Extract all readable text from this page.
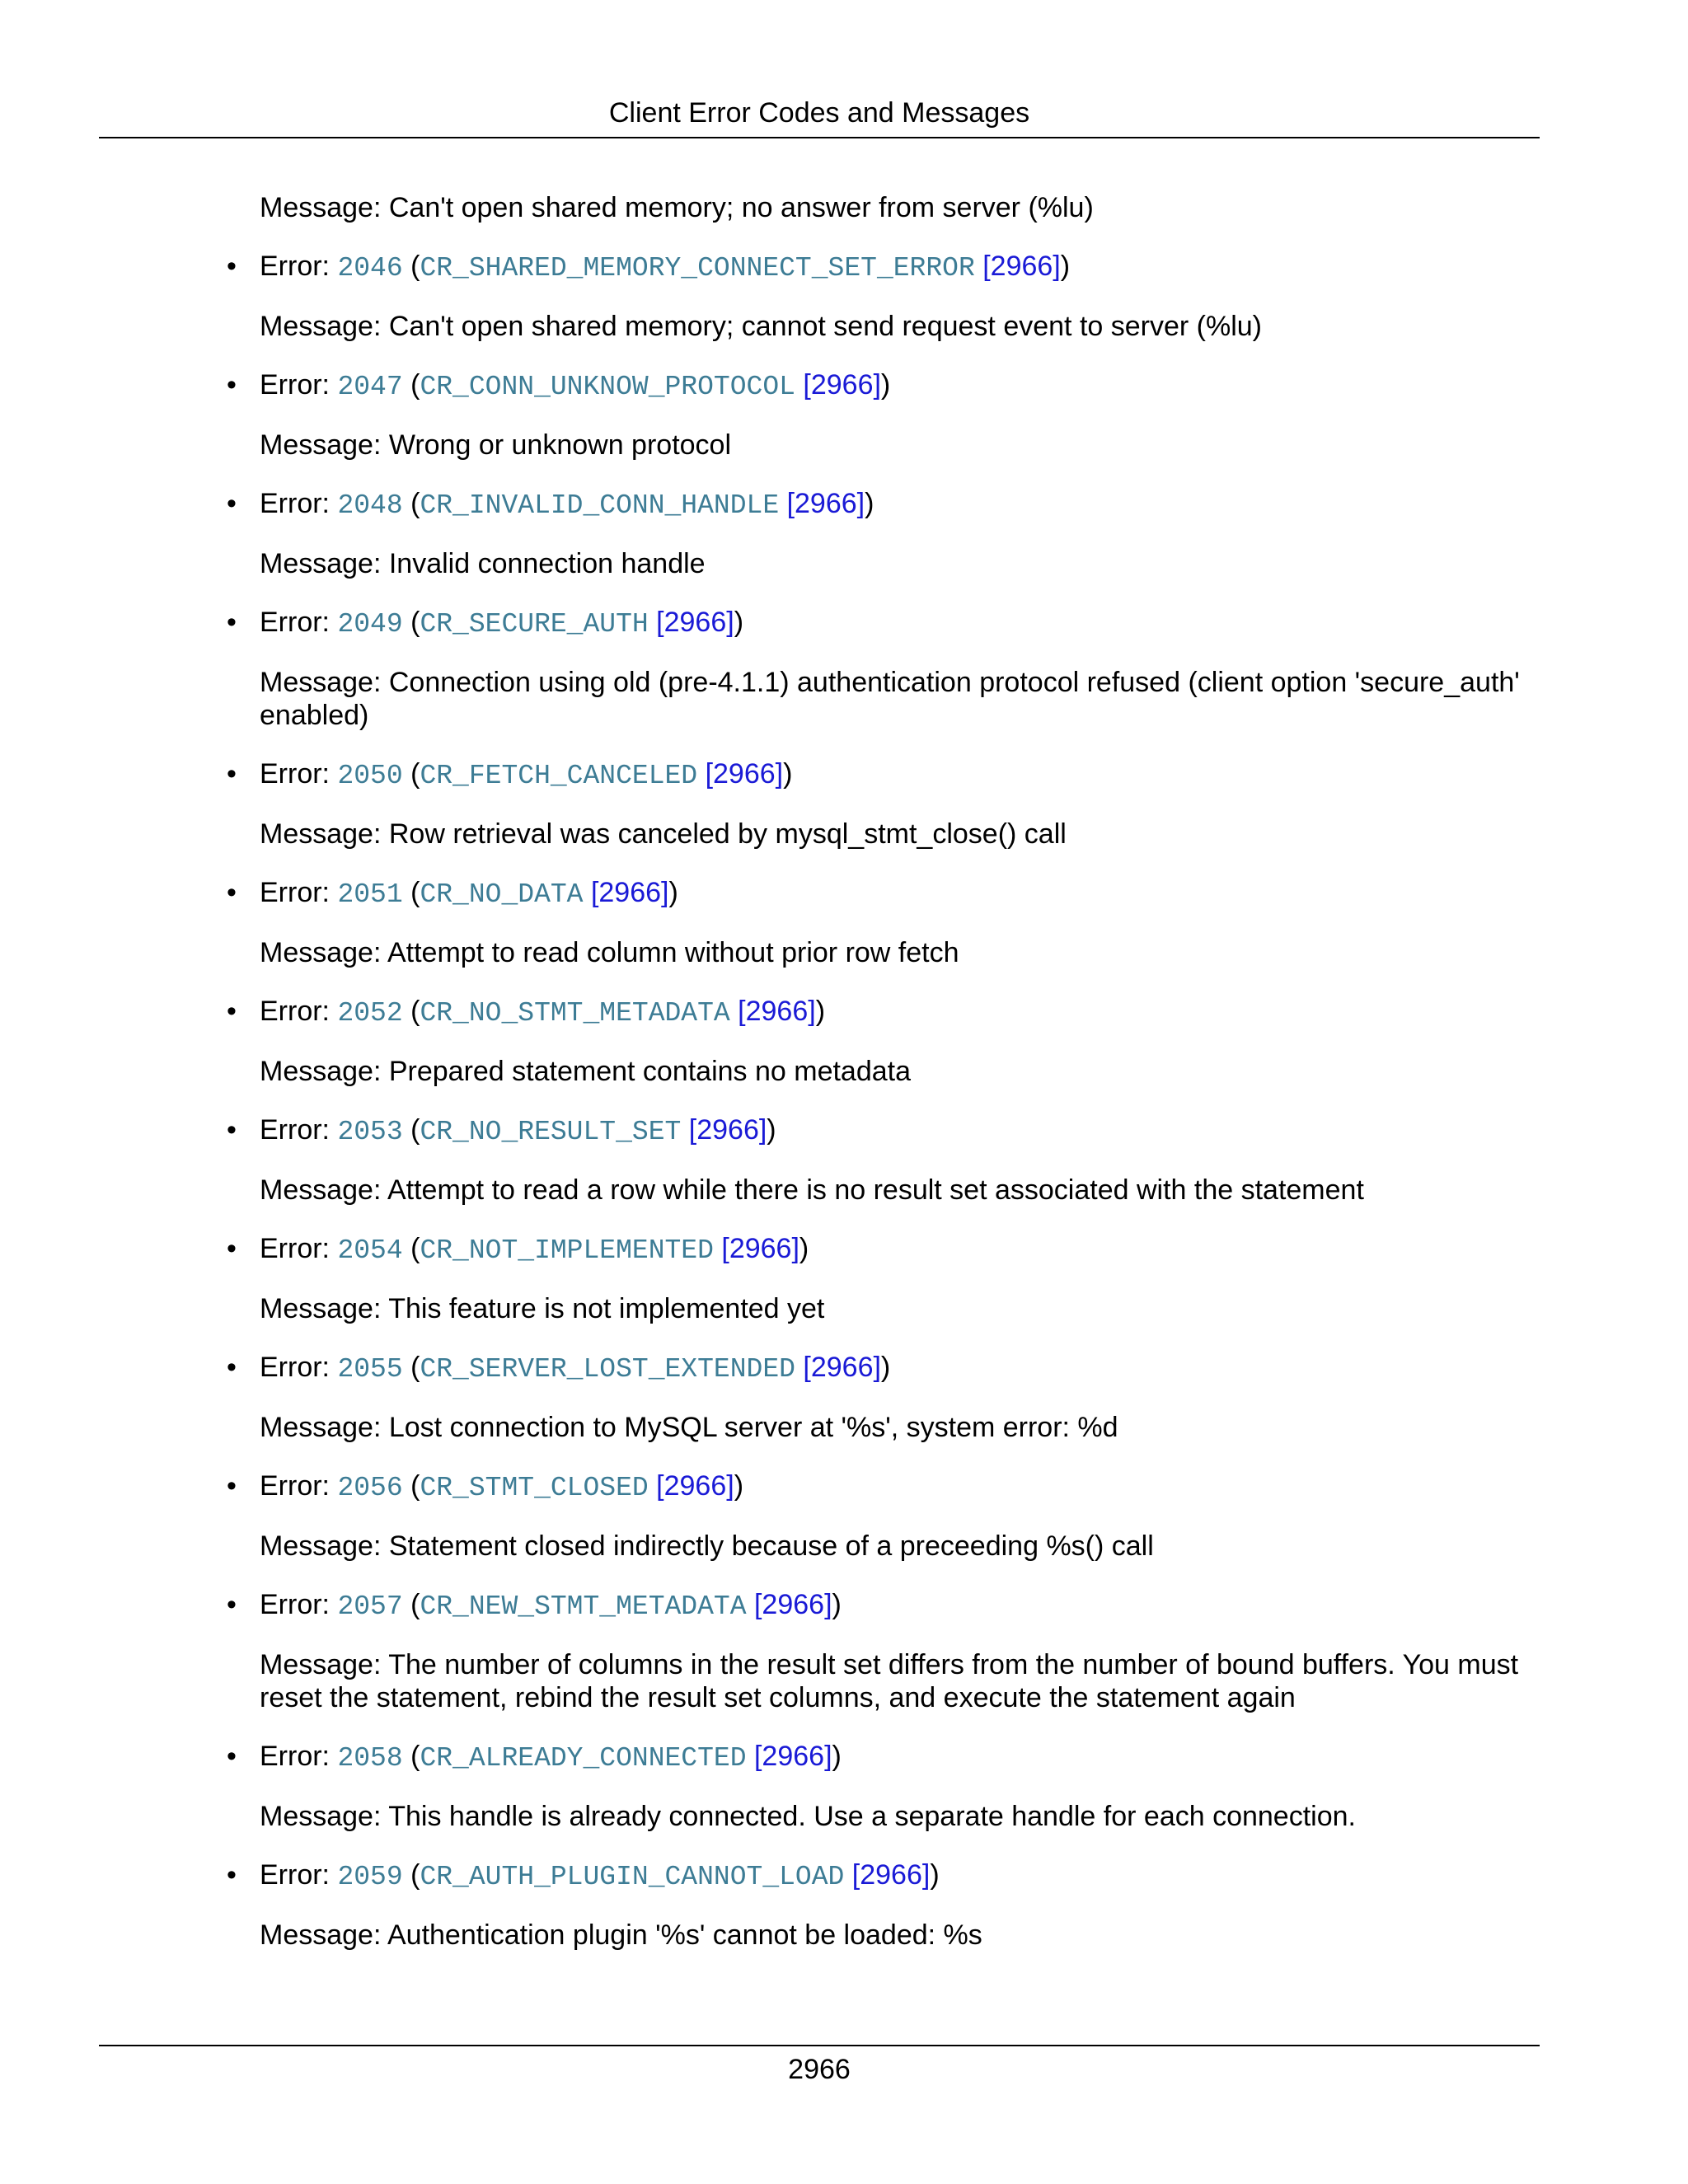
Client Error Codes and Messages

Message: Can't open shared memory; no answer from server (%lu)

• Error: 2046 (CR_SHARED_MEMORY_CONNECT_SET_ERROR [2966])

Message: Can't open shared memory; cannot send request event to server (%lu)

• Error: 2047 (CR_CONN_UNKNOW_PROTOCOL [2966])

Message: Wrong or unknown protocol

• Error: 2048 (CR_INVALID_CONN_HANDLE [2966])

Message: Invalid connection handle

• Error: 2049 (CR_SECURE_AUTH [2966])

Message: Connection using old (pre-4.1.1) authentication protocol refused (client option 'secure_auth' enabled)

• Error: 2050 (CR_FETCH_CANCELED [2966])

Message: Row retrieval was canceled by mysql_stmt_close() call

• Error: 2051 (CR_NO_DATA [2966])

Message: Attempt to read column without prior row fetch

• Error: 2052 (CR_NO_STMT_METADATA [2966])

Message: Prepared statement contains no metadata

• Error: 2053 (CR_NO_RESULT_SET [2966])

Message: Attempt to read a row while there is no result set associated with the statement

• Error: 2054 (CR_NOT_IMPLEMENTED [2966])

Message: This feature is not implemented yet

• Error: 2055 (CR_SERVER_LOST_EXTENDED [2966])

Message: Lost connection to MySQL server at '%s', system error: %d

• Error: 2056 (CR_STMT_CLOSED [2966])

Message: Statement closed indirectly because of a preceeding %s() call

• Error: 2057 (CR_NEW_STMT_METADATA [2966])

Message: The number of columns in the result set differs from the number of bound buffers. You must reset the statement, rebind the result set columns, and execute the statement again

• Error: 2058 (CR_ALREADY_CONNECTED [2966])

Message: This handle is already connected. Use a separate handle for each connection.

• Error: 2059 (CR_AUTH_PLUGIN_CANNOT_LOAD [2966])

Message: Authentication plugin '%s' cannot be loaded: %s

2966
